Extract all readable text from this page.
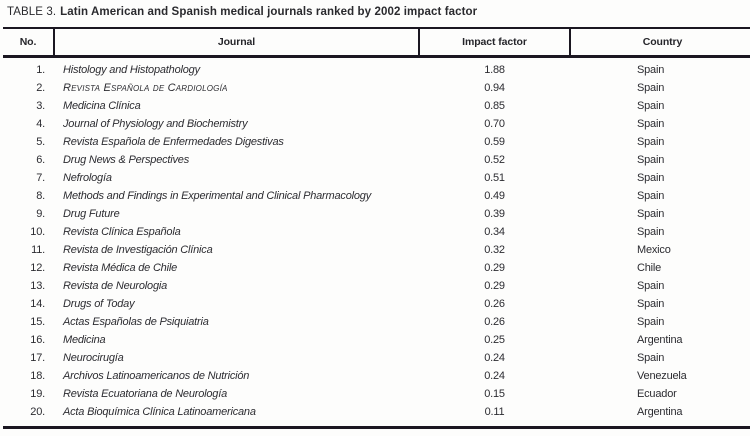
TABLE 3. Latin American and Spanish medical journals ranked by 2002 impact factor
No.	Journal	Impact factor	Country
1.	Histology and Histopathology	1.88	Spain
2.	Revista Española de Cardiología	0.94	Spain
3.	Medicina Clínica	0.85	Spain
4.	Journal of Physiology and Biochemistry	0.70	Spain
5.	Revista Española de Enfermedades Digestivas	0.59	Spain
6.	Drug News & Perspectives	0.52	Spain
7.	Nefrología	0.51	Spain
8.	Methods and Findings in Experimental and Clinical Pharmacology	0.49	Spain
9.	Drug Future	0.39	Spain
10.	Revista Clínica Española	0.34	Spain
11.	Revista de Investigación Clínica	0.32	Mexico
12.	Revista Médica de Chile	0.29	Chile
13.	Revista de Neurologia	0.29	Spain
14.	Drugs of Today	0.26	Spain
15.	Actas Españolas de Psiquiatria	0.26	Spain
16.	Medicina	0.25	Argentina
17.	Neurocirugía	0.24	Spain
18.	Archivos Latinoamericanos de Nutrición	0.24	Venezuela
19.	Revista Ecuatoriana de Neurología	0.15	Ecuador
20.	Acta Bioquímica Clínica Latinoamericana	0.11	Argentina
